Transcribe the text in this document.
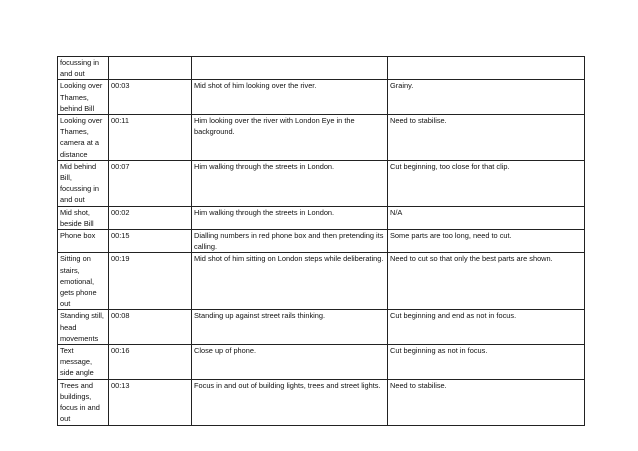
focussing in and out			
Looking over Thames, behind Bill	00:03	Mid shot of him looking over the river.	Grainy.
Looking over Thames, camera at a distance	00:11	Him looking over the river with London Eye in the background.	Need to stabilise.
Mid behind Bill, focussing in and out	00:07	Him walking through the streets in London.	Cut beginning, too close for that clip.
Mid shot, beside Bill	00:02	Him walking through the streets in London.	N/A
Phone box	00:15	Dialling numbers in red phone box and then pretending its calling.	Some parts are too long, need to cut.
Sitting on stairs, emotional, gets phone out	00:19	Mid shot of him sitting on London steps while deliberating.	Need to cut so that only the best parts are shown.
Standing still, head movements	00:08	Standing up against street rails thinking.	Cut beginning and end as not in focus.
Text message, side angle	00:16	Close up of phone.	Cut beginning as not in focus.
Trees and buildings, focus in and out	00:13	Focus in and out of building lights, trees and street lights.	Need to stabilise.
